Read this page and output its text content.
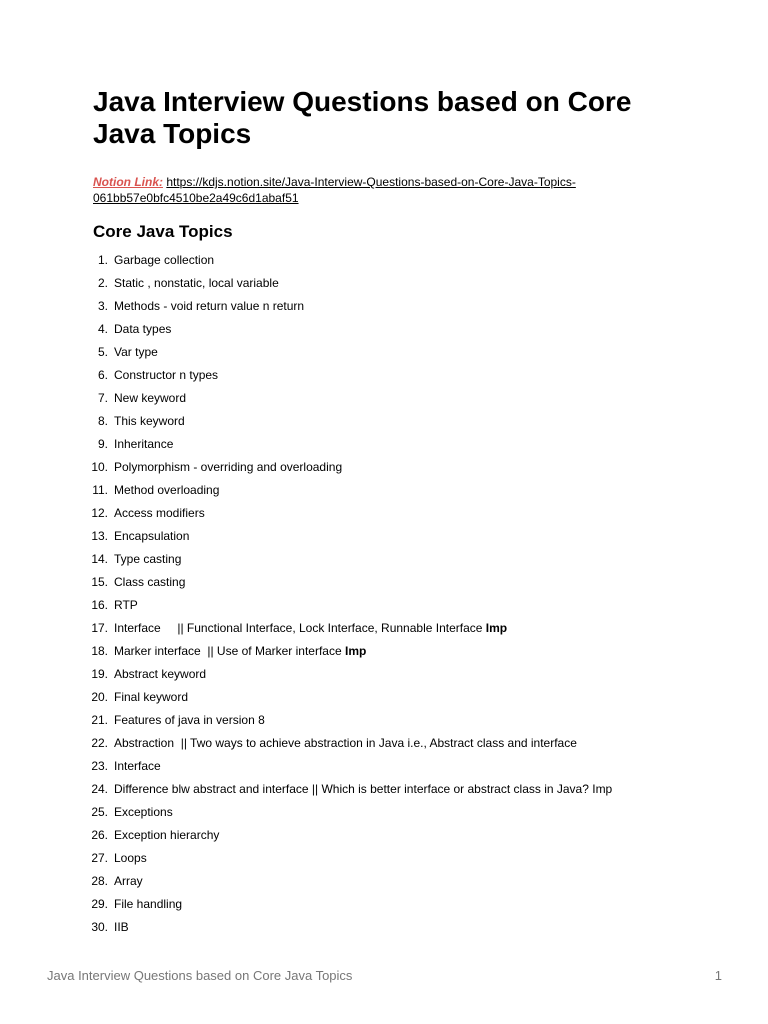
Java Interview Questions based on Core Java Topics
Notion Link: https://kdjs.notion.site/Java-Interview-Questions-based-on-Core-Java-Topics-061bb57e0bfc4510be2a49c6d1abaf51
Core Java Topics
1. Garbage collection
2. Static , nonstatic, local variable
3. Methods - void return value n return
4. Data types
5. Var type
6. Constructor n types
7. New keyword
8. This keyword
9. Inheritance
10. Polymorphism - overriding and overloading
11. Method overloading
12. Access modifiers
13. Encapsulation
14. Type casting
15. Class casting
16. RTP
17. Interface     || Functional Interface, Lock Interface, Runnable Interface Imp
18. Marker interface  || Use of Marker interface Imp
19. Abstract keyword
20. Final keyword
21. Features of java in version 8
22. Abstraction  || Two ways to achieve abstraction in Java i.e., Abstract class and interface
23. Interface
24. Difference blw abstract and interface || Which is better interface or abstract class in Java? Imp
25. Exceptions
26. Exception hierarchy
27. Loops
28. Array
29. File handling
30. IIB
Java Interview Questions based on Core Java Topics	1
